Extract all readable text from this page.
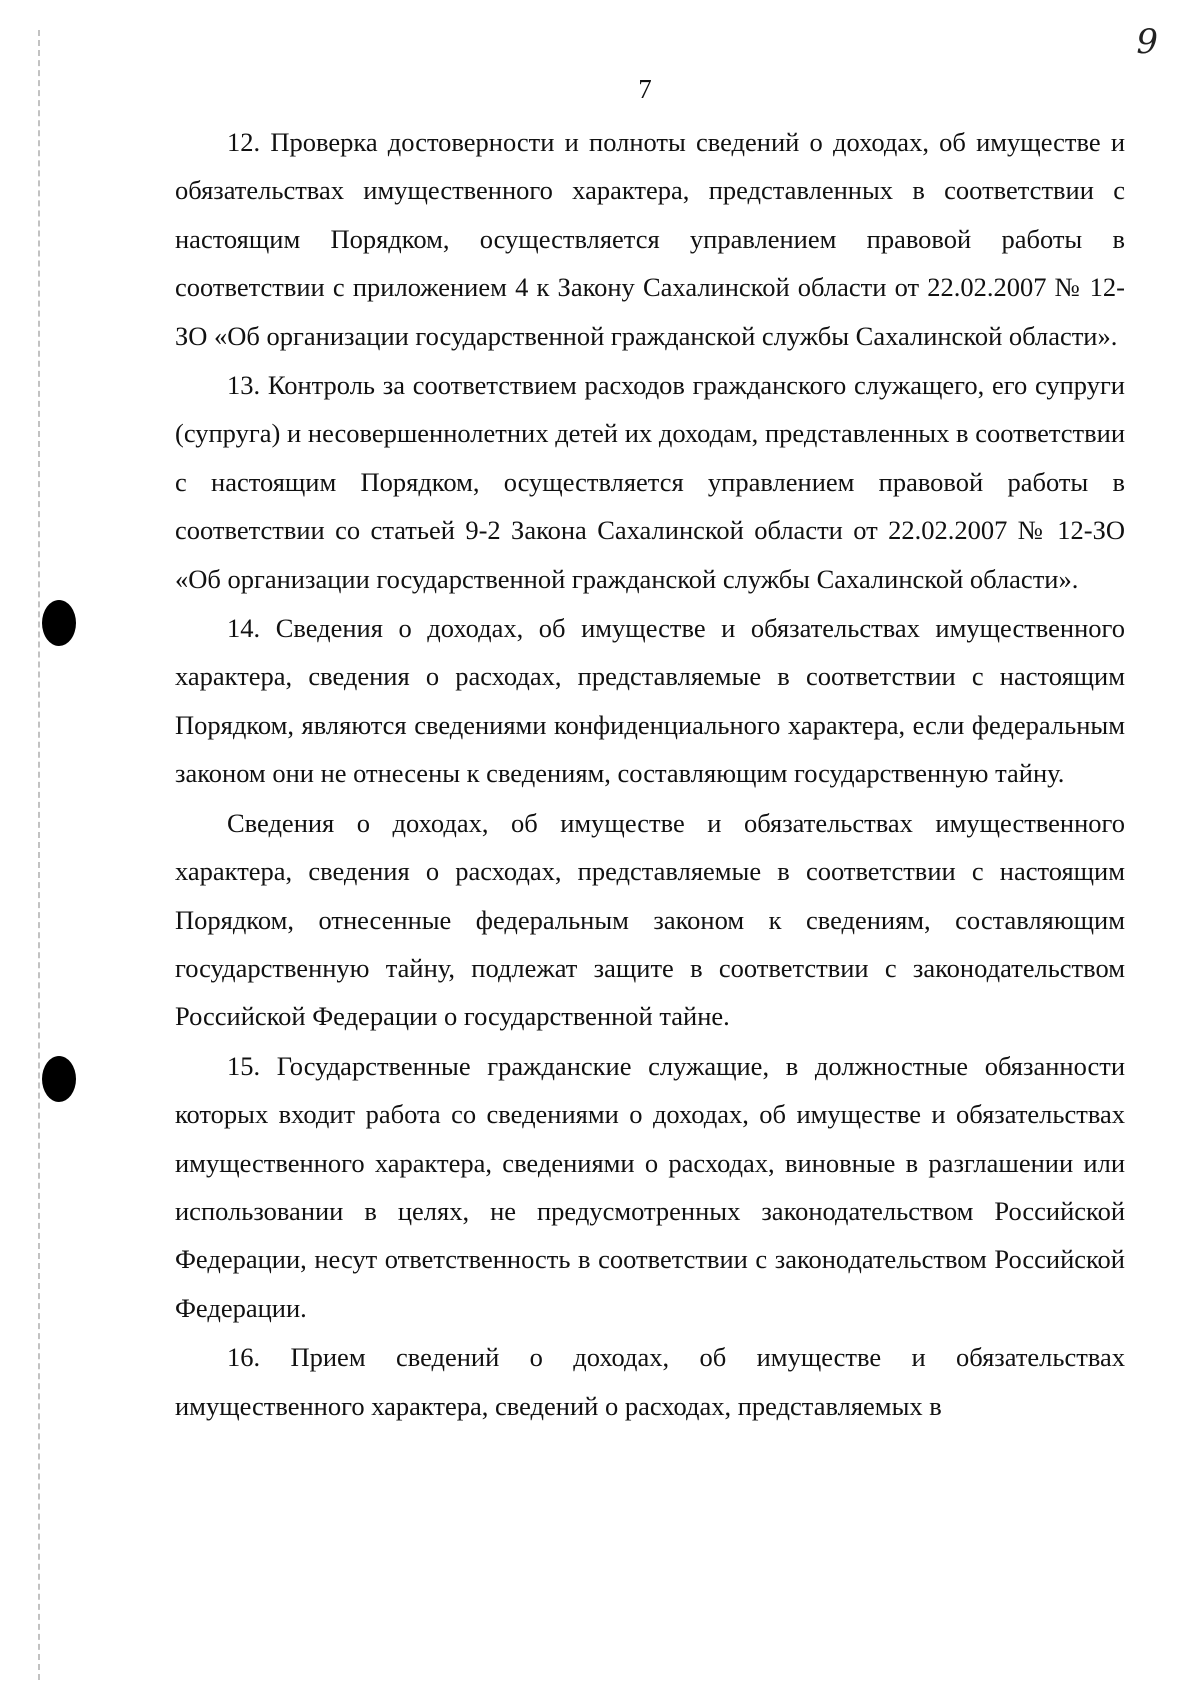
9
7

12. Проверка достоверности и полноты сведений о доходах, об имуществе и обязательствах имущественного характера, представленных в соответствии с настоящим Порядком, осуществляется управлением правовой работы в соответствии с приложением 4 к Закону Сахалинской области от 22.02.2007 № 12-ЗО «Об организации государственной гражданской службы Сахалинской области».

13. Контроль за соответствием расходов гражданского служащего, его супруги (супруга) и несовершеннолетних детей их доходам, представленных в соответствии с настоящим Порядком, осуществляется управлением правовой работы в соответствии со статьей 9-2 Закона Сахалинской области от 22.02.2007 № 12-ЗО «Об организации государственной гражданской службы Сахалинской области».

14. Сведения о доходах, об имуществе и обязательствах имущественного характера, сведения о расходах, представляемые в соответствии с настоящим Порядком, являются сведениями конфиденциального характера, если федеральным законом они не отнесены к сведениям, составляющим государственную тайну.

Сведения о доходах, об имуществе и обязательствах имущественного характера, сведения о расходах, представляемые в соответствии с настоящим Порядком, отнесенные федеральным законом к сведениям, составляющим государственную тайну, подлежат защите в соответствии с законодательством Российской Федерации о государственной тайне.

15. Государственные гражданские служащие, в должностные обязанности которых входит работа со сведениями о доходах, об имуществе и обязательствах имущественного характера, сведениями о расходах, виновные в разглашении или использовании в целях, не предусмотренных законодательством Российской Федерации, несут ответственность в соответствии с законодательством Российской Федерации.

16. Прием сведений о доходах, об имуществе и обязательствах имущественного характера, сведений о расходах, представляемых в
